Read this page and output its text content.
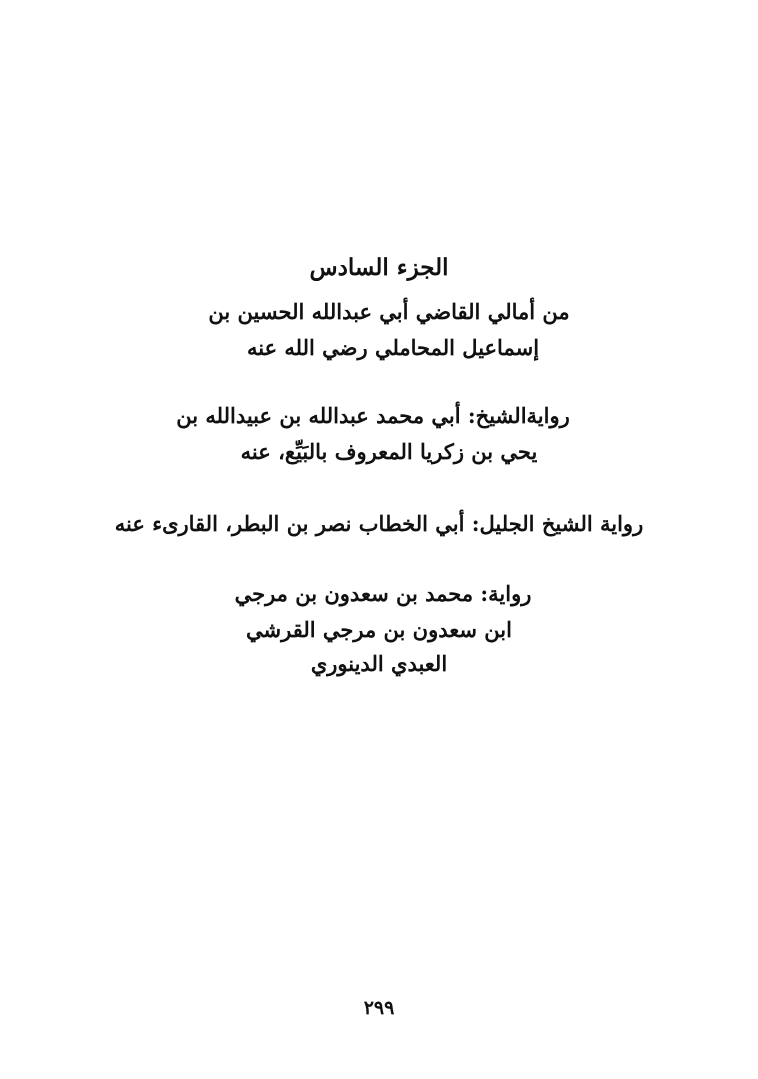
الجزء السادس
من أمالي القاضي أبي عبدالله الحسين بن
إسماعيل المحاملي رضي الله عنه
روايةالشيخ: أبي محمد عبدالله بن عبيدالله بن
يحي بن زكريا المعروف بالبَيِّع، عنه
رواية الشيخ الجليل: أبي الخطاب نصر بن البطر، القارىء عنه
رواية: محمد بن سعدون بن مرجي
ابن سعدون بن مرجي القرشي
العبدي الدينوري
٢٩٩
